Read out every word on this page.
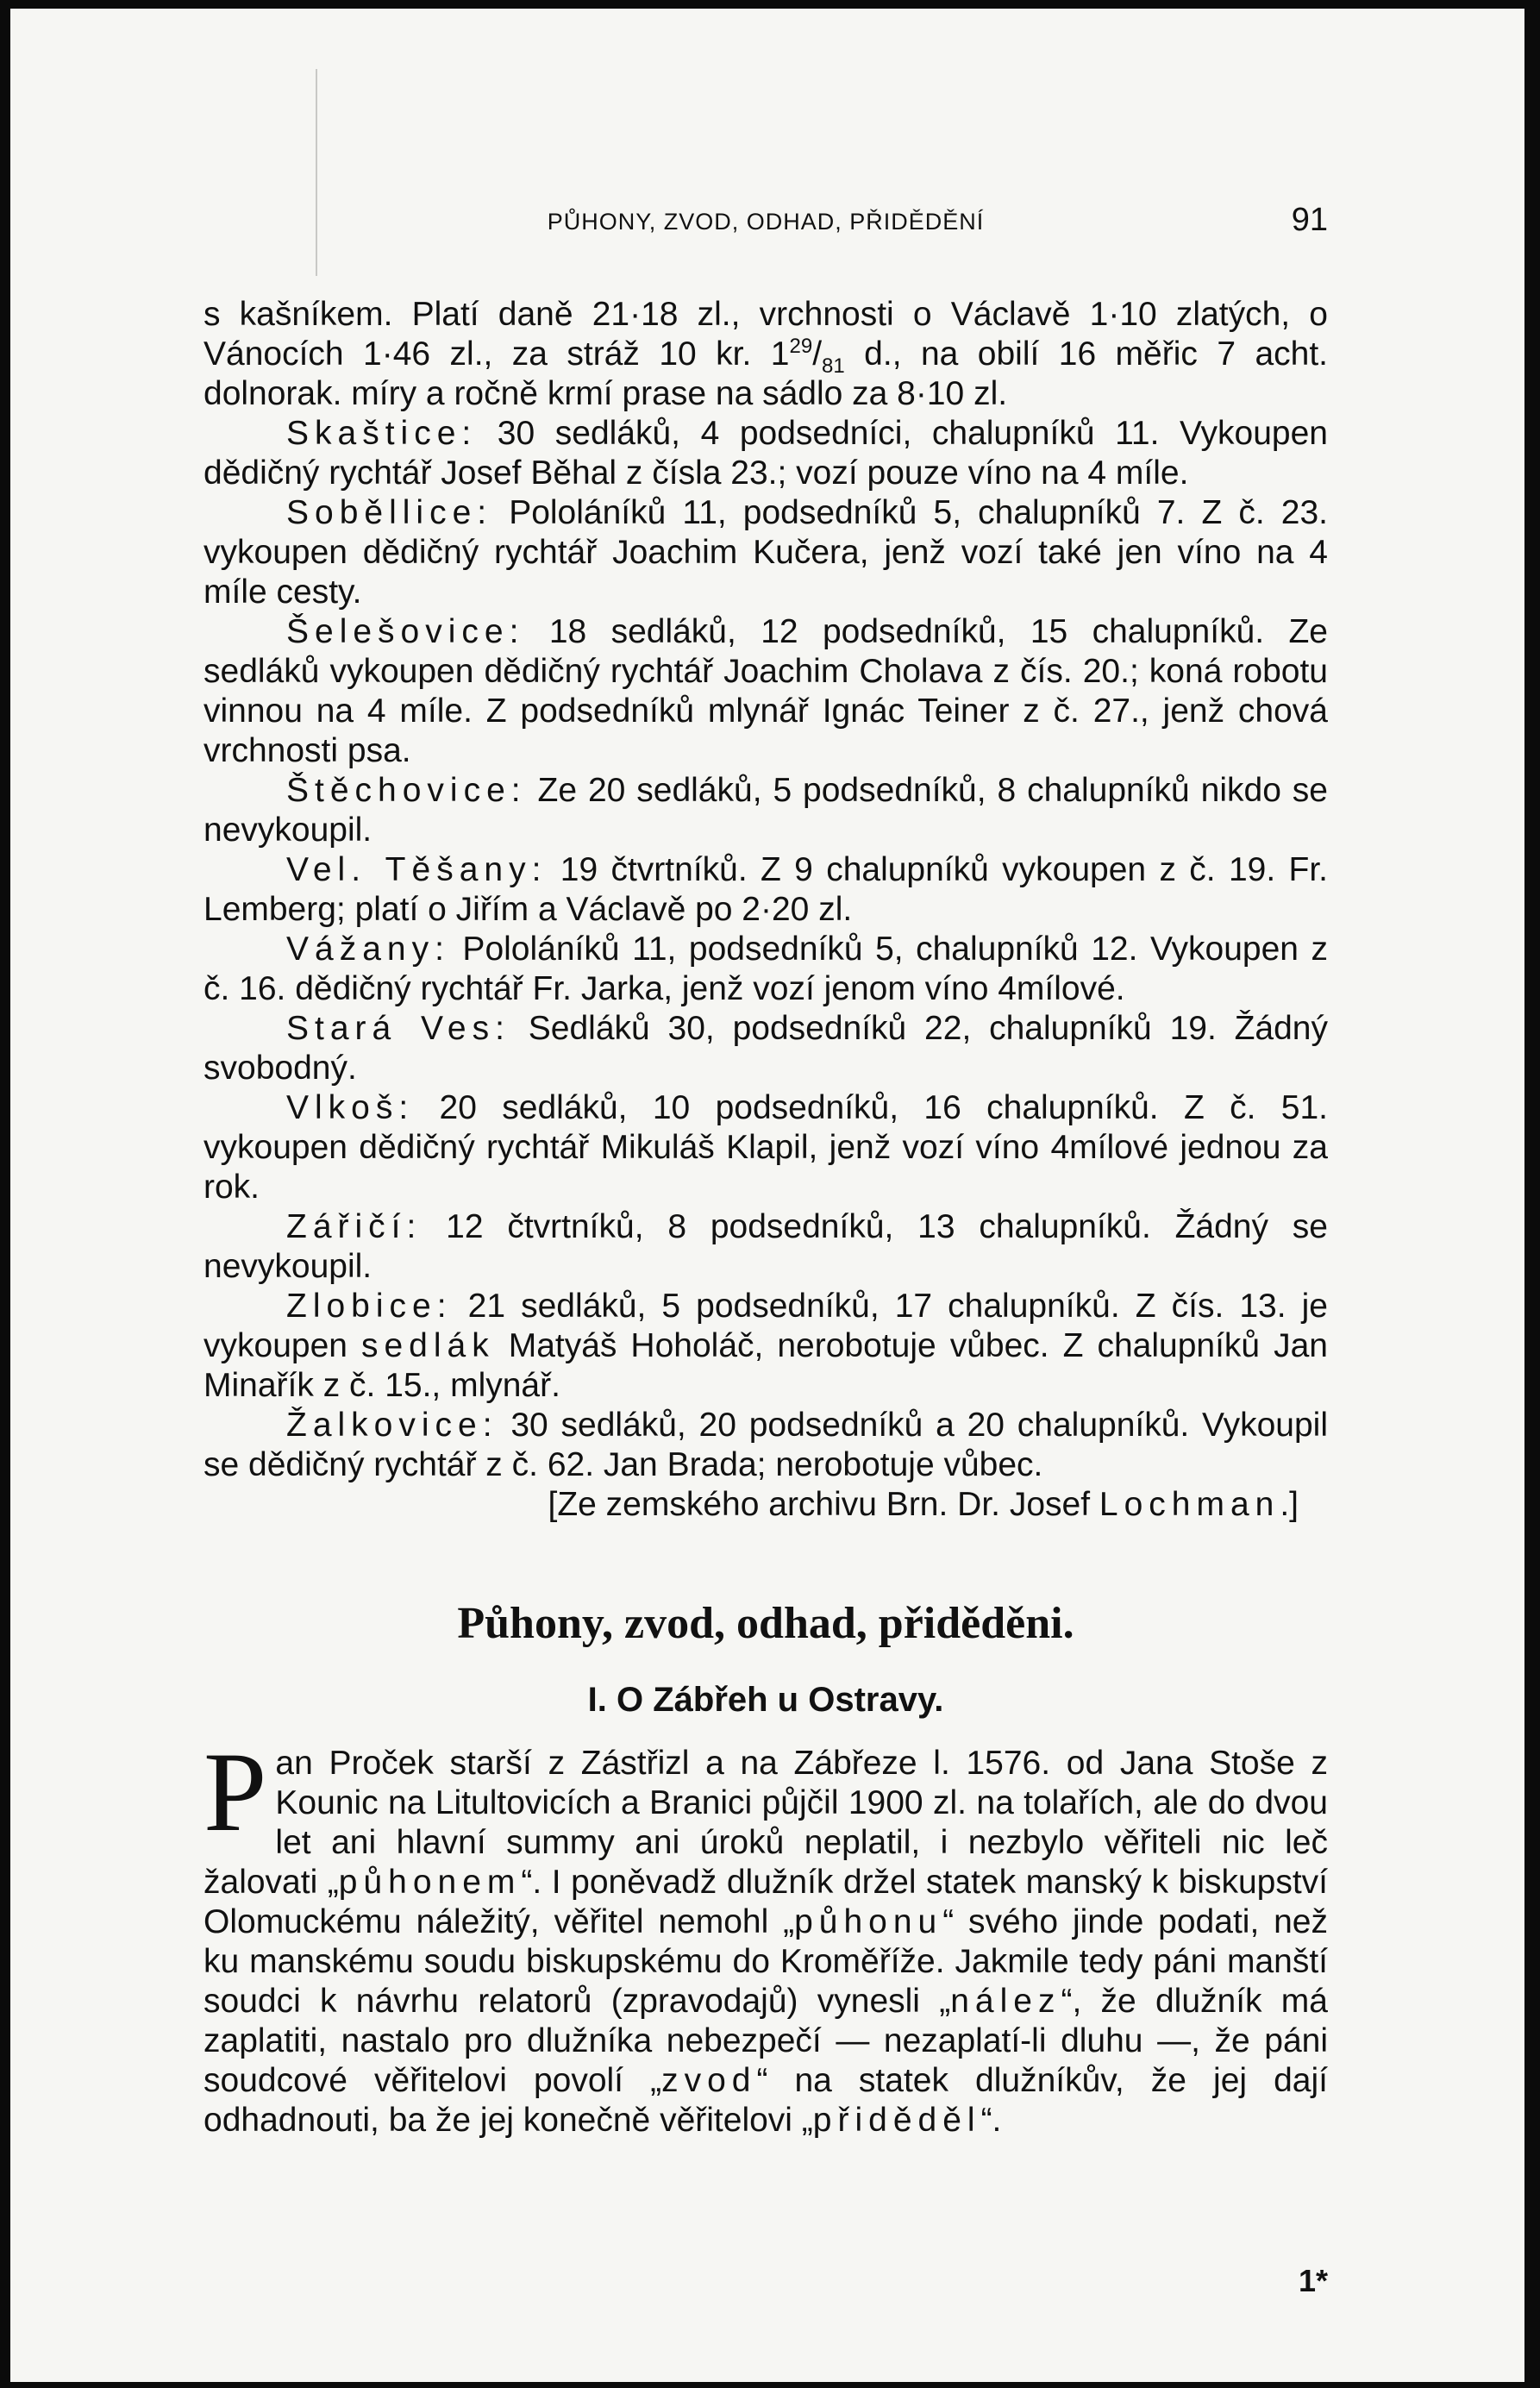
PŮHONY, ZVOD, ODHAD, PŘIDĚDĚNÍ	91

s kašníkem. Platí daně 21·18 zl., vrchnosti o Václavě 1·10 zlatých, o Vánocích 1·46 zl., za stráž 10 kr. $1^{29}/_{81}$ d., na obilí 16 měřic 7 acht. dolnorak. míry a ročně krmí prase na sádlo za 8·10 zl.

Skaštice: 30 sedláků, 4 podsedníci, chalupníků 11. Vykoupen dědičný rychtář Josef Běhal z čísla 23.; vozí pouze víno na 4 míle.

Soběllice: Pololáníků 11, podsedníků 5, chalupníků 7. Z č. 23. vykoupen dědičný rychtář Joachim Kučera, jenž vozí také jen víno na 4 míle cesty.

Šelešovice: 18 sedláků, 12 podsedníků, 15 chalupníků. Ze sedláků vykoupen dědičný rychtář Joachim Cholava z čís. 20.; koná robotu vinnou na 4 míle. Z podsedníků mlynář Ignác Teiner z č. 27., jenž chová vrchnosti psa.

Štěchovice: Ze 20 sedláků, 5 podsedníků, 8 chalupníků nikdo se nevykoupil.

Vel. Těšany: 19 čtvrtníků. Z 9 chalupníků vykoupen z č. 19. Fr. Lemberg; platí o Jiřím a Václavě po 2·20 zl.

Vážany: Pololáníků 11, podsedníků 5, chalupníků 12. Vykoupen z č. 16. dědičný rychtář Fr. Jarka, jenž vozí jenom víno 4mílové.

Stará Ves: Sedláků 30, podsedníků 22, chalupníků 19. Žádný svobodný.

Vlkoš: 20 sedláků, 10 podsedníků, 16 chalupníků. Z č. 51. vykoupen dědičný rychtář Mikuláš Klapil, jenž vozí víno 4mílové jednou za rok.

Zářičí: 12 čtvrtníků, 8 podsedníků, 13 chalupníků. Žádný se nevykoupil.

Zlobice: 21 sedláků, 5 podsedníků, 17 chalupníků. Z čís. 13. je vykoupen sedlák Matyáš Hoholáč, nerobotuje vůbec. Z chalupníků Jan Minařík z č. 15., mlynář.

Žalkovice: 30 sedláků, 20 podsedníků a 20 chalupníků. Vykoupil se dědičný rychtář z č. 62. Jan Brada; nerobotuje vůbec.

[Ze zemského archivu Brn. Dr. Josef Lochman.]

Půhony, zvod, odhad, přiděděni.
I. O Zábřeh u Ostravy.

Pan Proček starší z Zástřizl a na Zábřeze l. 1576. od Jana Stoše z Kounic na Litultovicích a Branici půjčil 1900 zl. na tolařích, ale do dvou let ani hlavní summy ani úroků neplatil, i nezbylo věřiteli nic leč žalovati „půhonem“. I poněvadž dlužník držel statek manský k biskupství Olomuckému náležitý, věřitel nemohl „půhonu“ svého jinde podati, než ku manskému soudu biskupskému do Kroměříže. Jakmile tedy páni manští soudci k návrhu relatorů (zpravodajů) vynesli „nález“, že dlužník má zaplatiti, nastalo pro dlužníka nebezpečí — nezaplatí-li dluhu —, že páni soudcové věřitelovi povolí „zvod“ na statek dlužníkův, že jej dají odhadnouti, ba že jej konečně věřitelovi „přiděděl“.

1*
